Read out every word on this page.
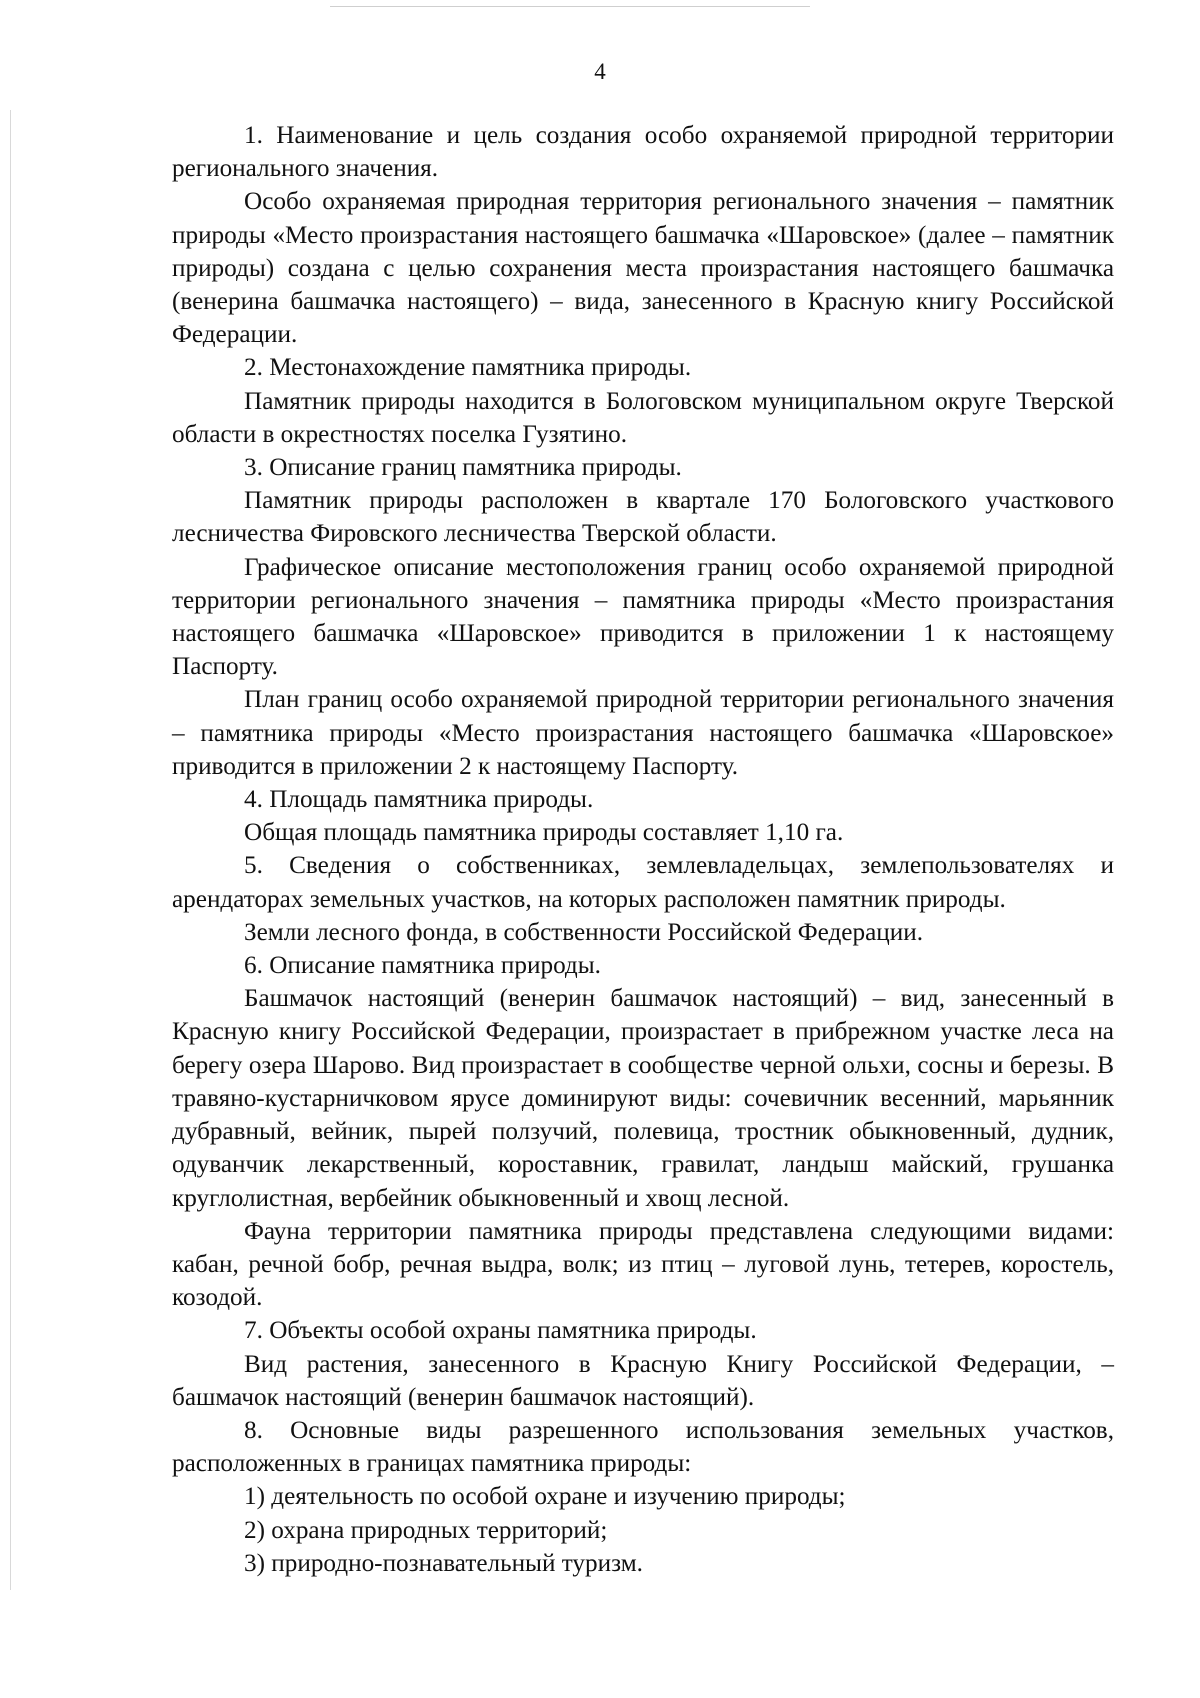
4

1. Наименование и цель создания особо охраняемой природной территории регионального значения.

Особо охраняемая природная территория регионального значения – памятник природы «Место произрастания настоящего башмачка «Шаровское» (далее – памятник природы) создана с целью сохранения места произрастания настоящего башмачка (венерина башмачка настоящего) – вида, занесенного в Красную книгу Российской Федерации.

2. Местонахождение памятника природы.

Памятник природы находится в Бологовском муниципальном округе Тверской области в окрестностях поселка Гузятино.

3. Описание границ памятника природы.

Памятник природы расположен в квартале 170 Бологовского участкового лесничества Фировского лесничества Тверской области.

Графическое описание местоположения границ особо охраняемой природной территории регионального значения – памятника природы «Место произрастания настоящего башмачка «Шаровское» приводится в приложении 1 к настоящему Паспорту.

План границ особо охраняемой природной территории регионального значения – памятника природы «Место произрастания настоящего башмачка «Шаровское» приводится в приложении 2 к настоящему Паспорту.

4. Площадь памятника природы.

Общая площадь памятника природы составляет 1,10 га.

5. Сведения о собственниках, землевладельцах, землепользователях и арендаторах земельных участков, на которых расположен памятник природы.

Земли лесного фонда, в собственности Российской Федерации.

6. Описание памятника природы.

Башмачок настоящий (венерин башмачок настоящий) – вид, занесенный в Красную книгу Российской Федерации, произрастает в прибрежном участке леса на берегу озера Шарово. Вид произрастает в сообществе черной ольхи, сосны и березы. В травяно-кустарничковом ярусе доминируют виды: сочевичник весенний, марьянник дубравный, вейник, пырей ползучий, полевица, тростник обыкновенный, дудник, одуванчик лекарственный, короставник, гравилат, ландыш майский, грушанка круглолистная, вербейник обыкновенный и хвощ лесной.

Фауна территории памятника природы представлена следующими видами: кабан, речной бобр, речная выдра, волк; из птиц – луговой лунь, тетерев, коростель, козодой.

7. Объекты особой охраны памятника природы.

Вид растения, занесенного в Красную Книгу Российской Федерации, – башмачок настоящий (венерин башмачок настоящий).

8. Основные виды разрешенного использования земельных участков, расположенных в границах памятника природы:

1) деятельность по особой охране и изучению природы;

2) охрана природных территорий;

3) природно-познавательный туризм.
